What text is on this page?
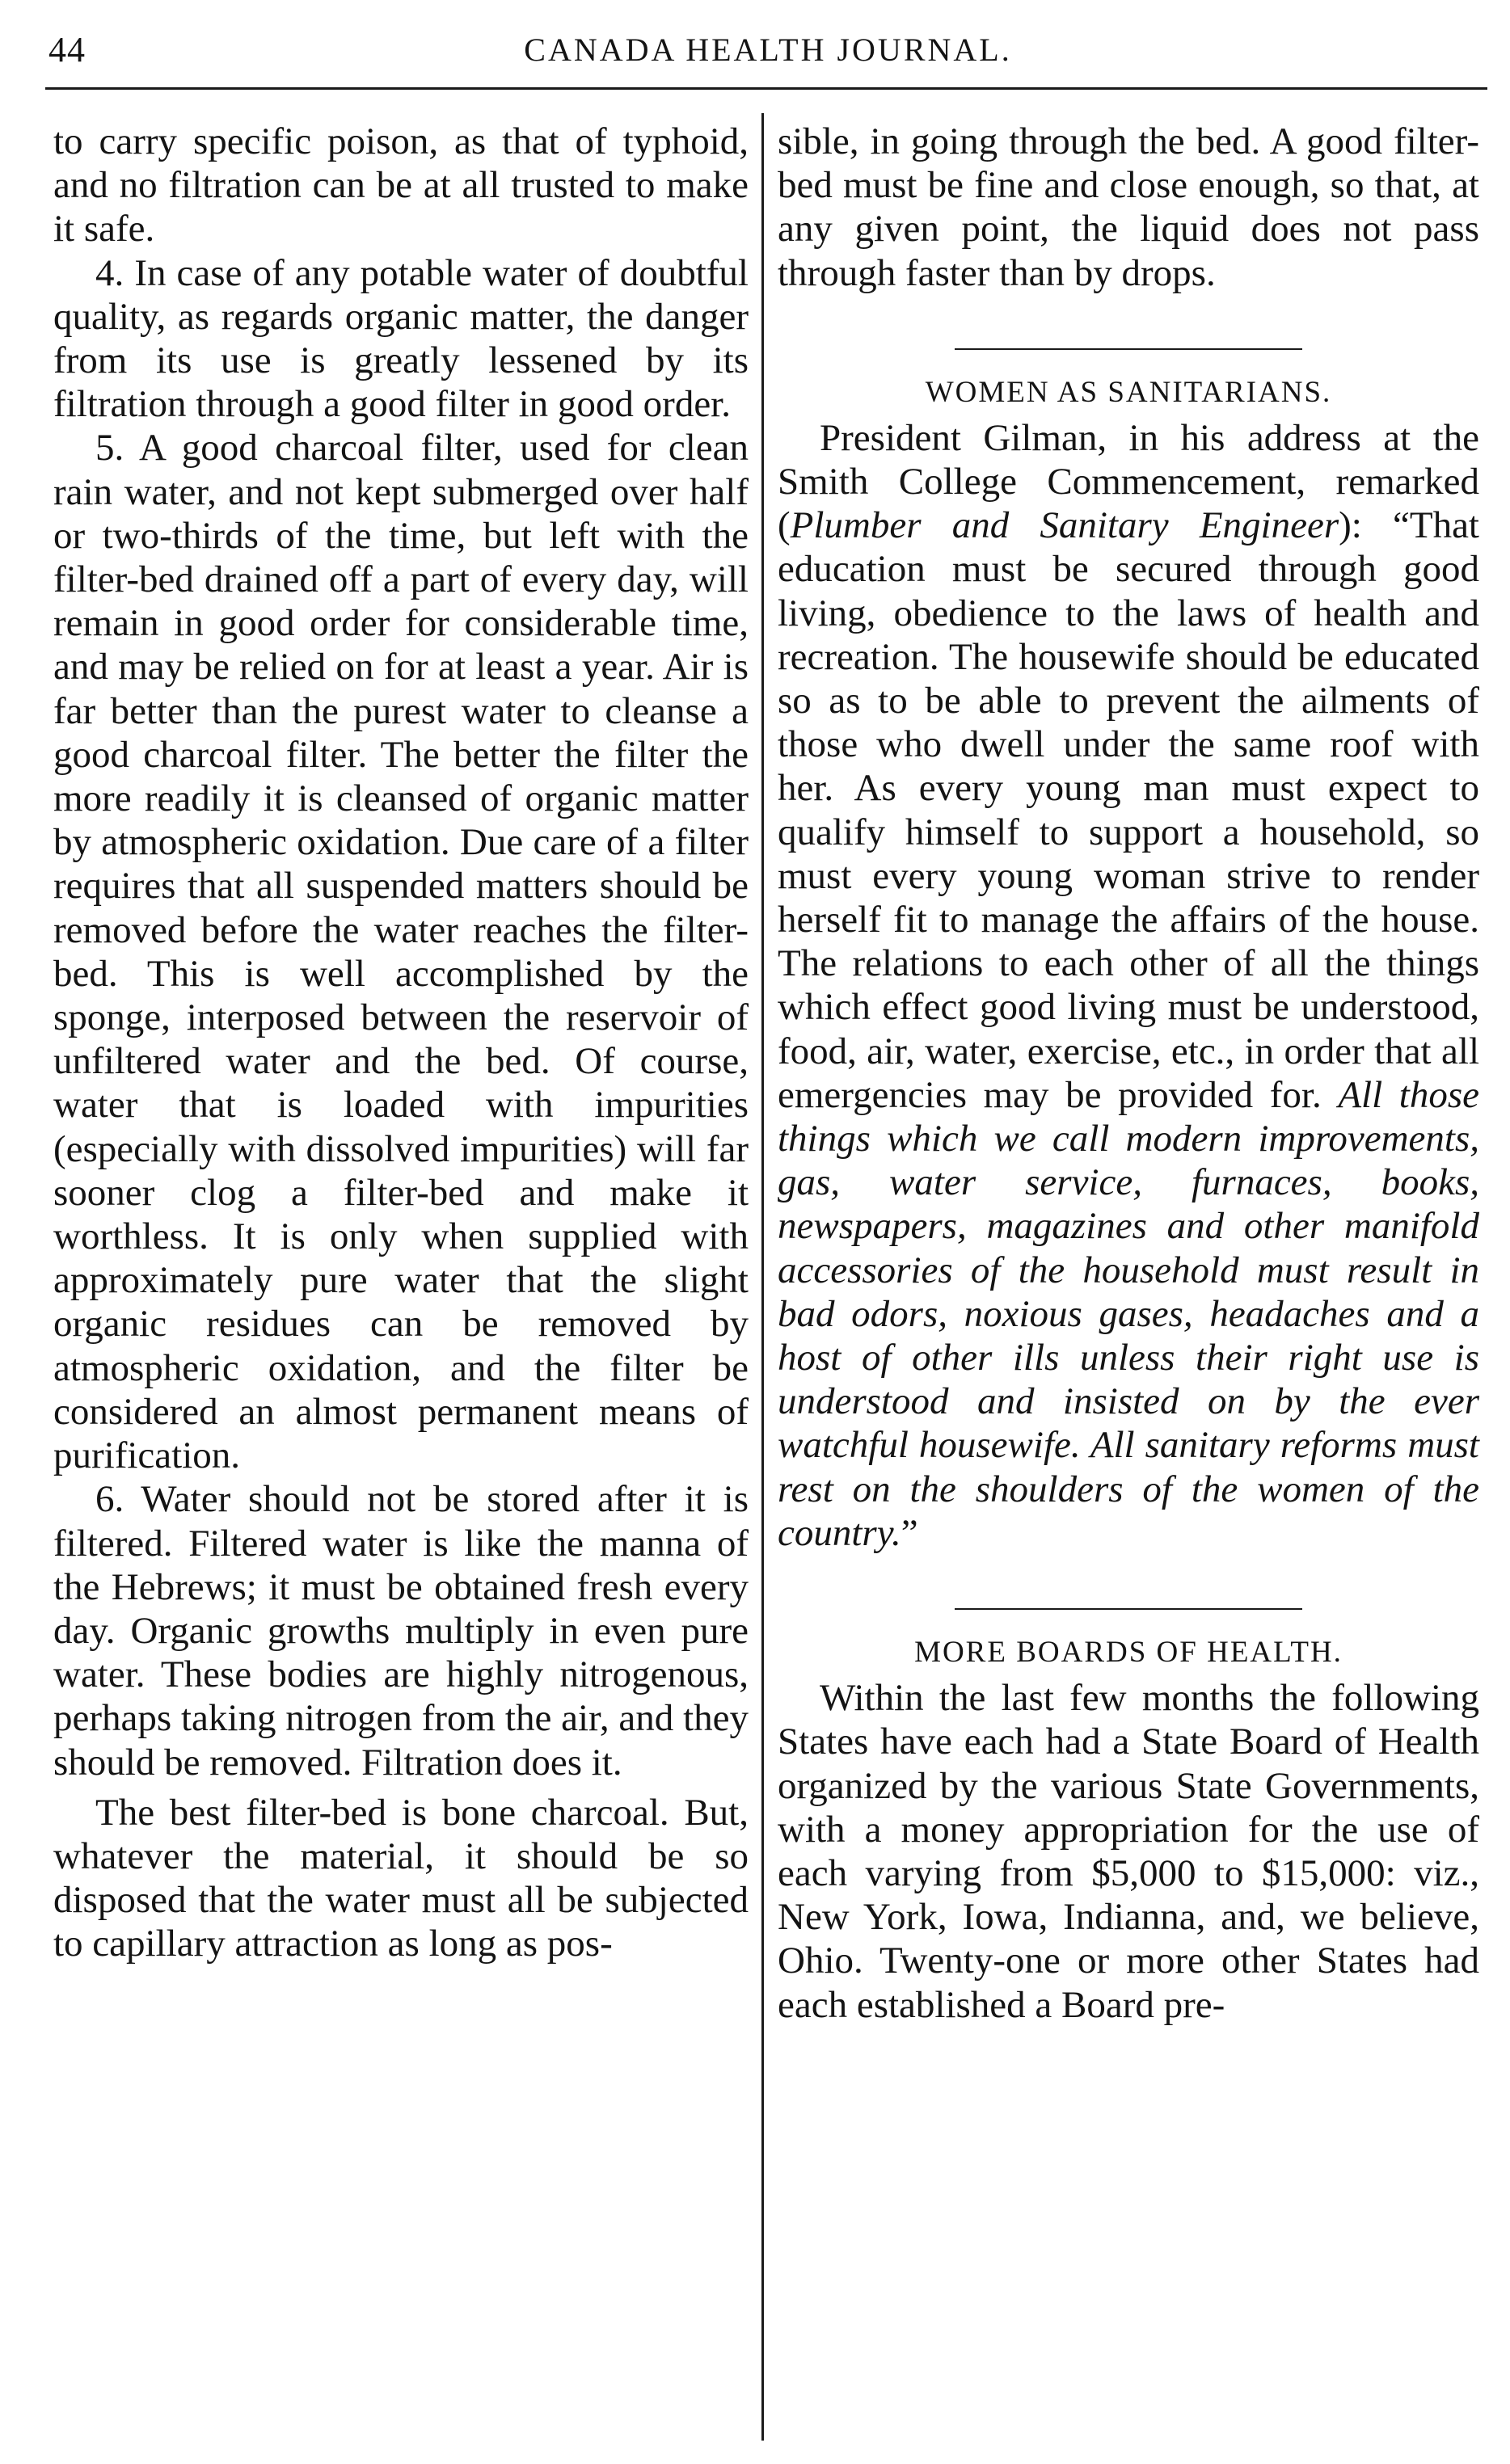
44	CANADA HEALTH JOURNAL.

to carry specific poison, as that of typhoid, and no filtration can be at all trusted to make it safe.

4. In case of any potable water of doubtful quality, as regards organic matter, the danger from its use is greatly lessened by its filtration through a good filter in good order.

5. A good charcoal filter, used for clean rain water, and not kept submerged over half or two-thirds of the time, but left with the filter-bed drained off a part of every day, will remain in good order for considerable time, and may be relied on for at least a year. Air is far better than the purest water to cleanse a good charcoal filter. The better the filter the more readily it is cleansed of organic matter by atmospheric oxidation. Due care of a filter requires that all suspended matters should be removed before the water reaches the filter-bed. This is well accomplished by the sponge, interposed between the reservoir of unfiltered water and the bed. Of course, water that is loaded with impurities (especially with dissolved impurities) will far sooner clog a filter-bed and make it worthless. It is only when supplied with approximately pure water that the slight organic residues can be removed by atmospheric oxidation, and the filter be considered an almost permanent means of purification.

6. Water should not be stored after it is filtered. Filtered water is like the manna of the Hebrews; it must be obtained fresh every day. Organic growths multiply in even pure water. These bodies are highly nitrogenous, perhaps taking nitrogen from the air, and they should be removed. Filtration does it.

The best filter-bed is bone charcoal. But, whatever the material, it should be so disposed that the water must all be subjected to capillary attraction as long as pos-

sible, in going through the bed. A good filter-bed must be fine and close enough, so that, at any given point, the liquid does not pass through faster than by drops.

WOMEN AS SANITARIANS.

President Gilman, in his address at the Smith College Commencement, remarked (Plumber and Sanitary Engineer): “That education must be secured through good living, obedience to the laws of health and recreation. The housewife should be educated so as to be able to prevent the ailments of those who dwell under the same roof with her. As every young man must expect to qualify himself to support a household, so must every young woman strive to render herself fit to manage the affairs of the house. The relations to each other of all the things which effect good living must be understood, food, air, water, exercise, etc., in order that all emergencies may be provided for. All those things which we call modern improvements, gas, water service, furnaces, books, newspapers, magazines and other manifold accessories of the household must result in bad odors, noxious gases, headaches and a host of other ills unless their right use is understood and insisted on by the ever watchful housewife. All sanitary reforms must rest on the shoulders of the women of the country.”

MORE BOARDS OF HEALTH.

Within the last few months the following States have each had a State Board of Health organized by the various State Governments, with a money appropriation for the use of each varying from $5,000 to $15,000: viz., New York, Iowa, Indianna, and, we believe, Ohio. Twenty-one or more other States had each established a Board pre-
